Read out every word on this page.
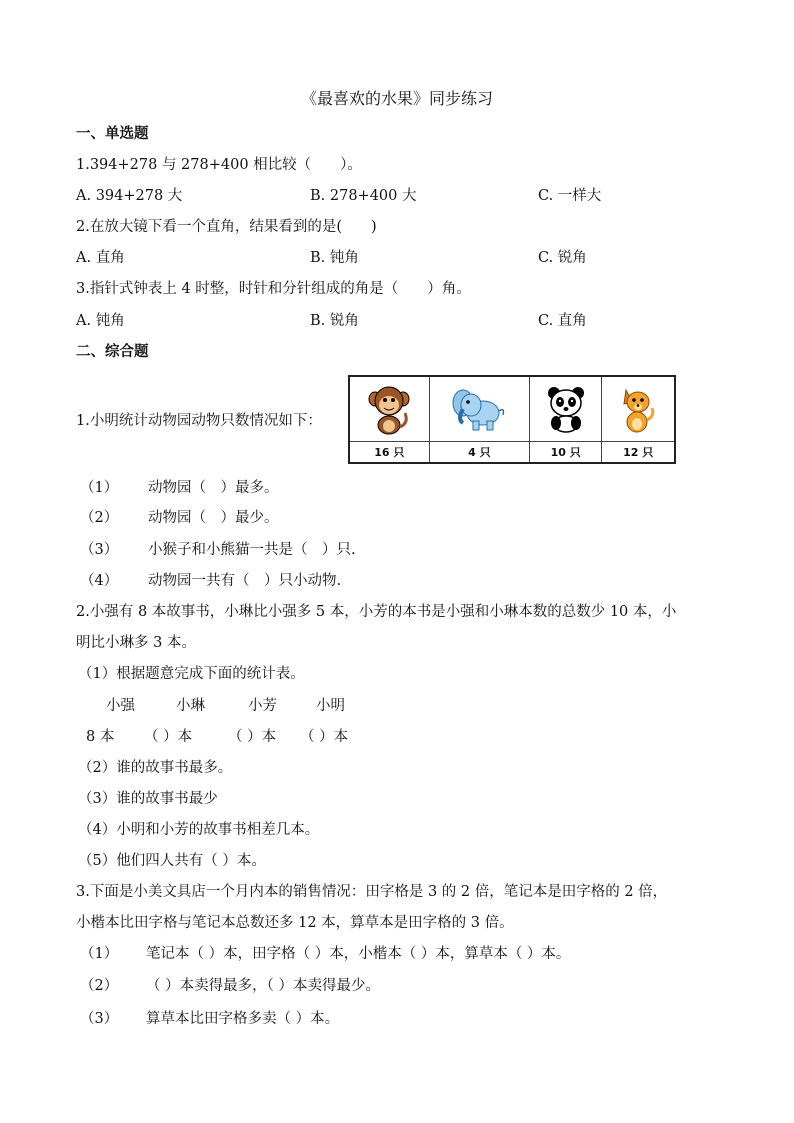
《最喜欢的水果》同步练习
一、单选题
1.394+278 与 278+400 相比较（　　）。
A. 394+278 大	B. 278+400 大	C. 一样大
2.在放大镜下看一个直角，结果看到的是(　　)
A. 直角	B. 钝角	C. 锐角
3.指针式钟表上 4 时整，时针和分针组成的角是（　　）角。
A. 钝角	B. 锐角	C. 直角
二、综合题
1.小明统计动物园动物只数情况如下：

16 只	4 只	10 只	12 只
（1） 动物园（　）最多。
（2） 动物园（　）最少。
（3） 小猴子和小熊猫一共是（　）只.
（4） 动物园一共有（　）只小动物.
2.小强有 8 本故事书，小琳比小强多 5 本，小芳的本书是小强和小琳本数的总数少 10 本，小
明比小琳多 3 本。
（1）根据题意完成下面的统计表。
小强	小琳	小芳	小明
8 本 （ ）本 （ ）本 （ ）本
（2）谁的故事书最多。
（3）谁的故事书最少
（4）小明和小芳的故事书相差几本。
（5）他们四人共有（ ）本。
3.下面是小美文具店一个月内本的销售情况：田字格是 3 的 2 倍，笔记本是田字格的 2 倍，
小楷本比田字格与笔记本总数还多 12 本，算草本是田字格的 3 倍。
（1） 笔记本（ ）本，田字格（ ）本，小楷本（ ）本，算草本（ ）本。
（2） （ ）本卖得最多，（ ）本卖得最少。
（3） 算草本比田字格多卖（ ）本。
